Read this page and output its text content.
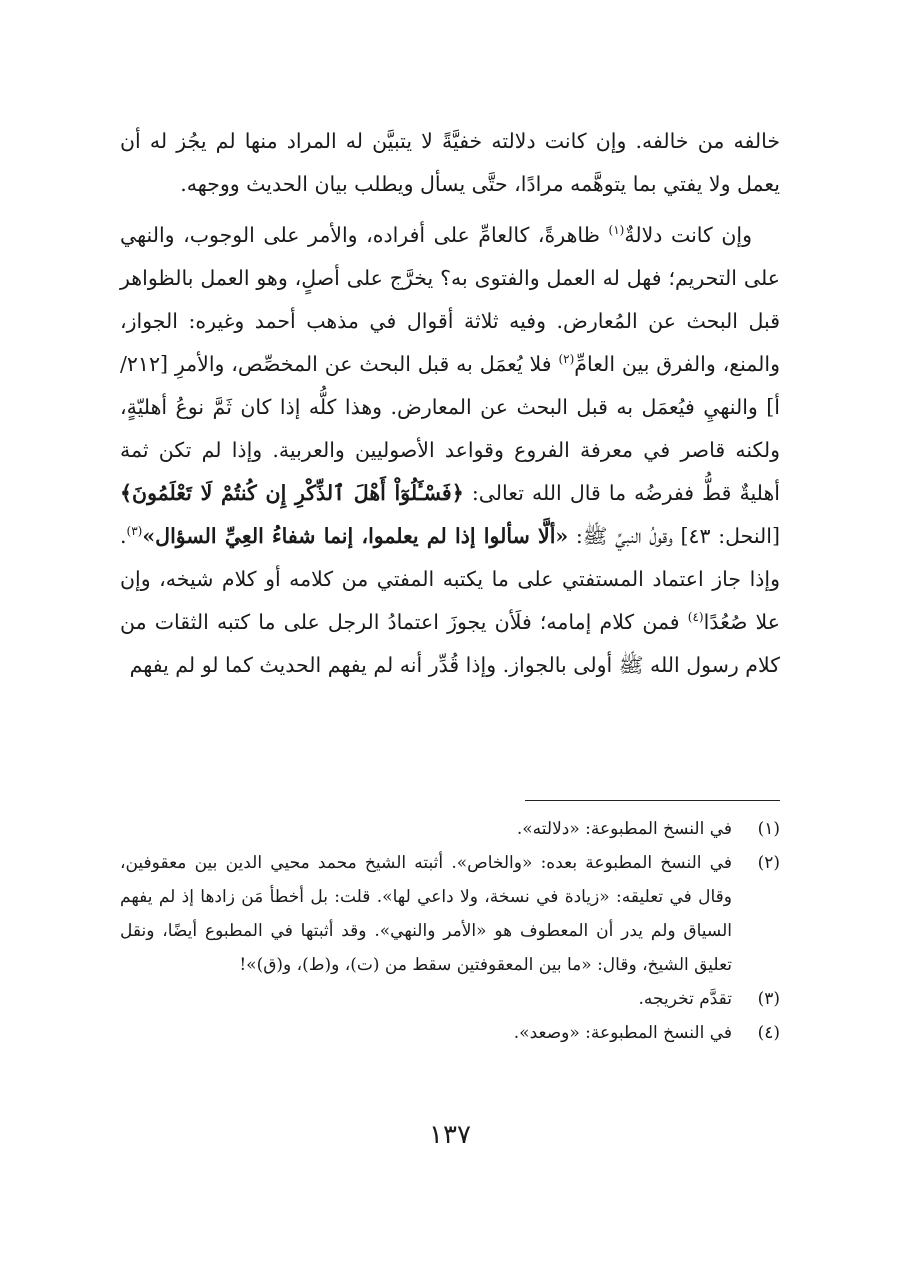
خالفه من خالفه. وإن كانت دلالته خفيَّةً لا يتبيَّن له المراد منها لم يجُز له أن يعمل ولا يفتي بما يتوهَّمه مرادًا، حتَّى يسأل ويطلب بيان الحديث ووجهه.

وإن كانت دلالةٌ$^{(١)}$ ظاهرةً، كالعامِّ على أفراده، والأمر على الوجوب، والنهي على التحريم؛ فهل له العمل والفتوى به؟ يخرَّج على أصلٍ، وهو العمل بالظواهر قبل البحث عن المُعارض. وفيه ثلاثة أقوال في مذهب أحمد وغيره: الجواز، والمنع، والفرق بين العامِّ$^{(٢)}$ فلا يُعمَل به قبل البحث عن المخصِّص، والأمرِ [٢١٢/أ] والنهيِ فيُعمَل به قبل البحث عن المعارض. وهذا كلُّه إذا كان ثَمَّ نوعُ أهليّةٍ، ولكنه قاصر في معرفة الفروع وقواعد الأصوليين والعربية. وإذا لم تكن ثمة أهليةٌ قطُّ ففرضُه ما قال الله تعالى: ﴿فَسْـَٔلُوٓاْ أَهْلَ ٱلذِّكْرِ إِن كُنتُمْ لَا تَعْلَمُونَ﴾ [النحل: ٤٣] وقولُ النبيِّ ﷺ: «ألَّا سألوا إذا لم يعلموا، إنما شفاءُ العِيِّ السؤال»$^{(٣)}$. وإذا جاز اعتماد المستفتي على ما يكتبه المفتي من كلامه أو كلام شيخه، وإن علا صُعُدًا$^{(٤)}$ فمن كلام إمامه؛ فلَأن يجوزَ اعتمادُ الرجل على ما كتبه الثقات من كلام رسول الله ﷺ أولى بالجواز. وإذا قُدِّر أنه لم يفهم الحديث كما لو لم يفهم

(١)
في النسخ المطبوعة: «دلالته».
(٢)
في النسخ المطبوعة بعده: «والخاص». أثبته الشيخ محمد محيي الدين بين معقوفين، وقال في تعليقه: «زيادة في نسخة، ولا داعي لها». قلت: بل أخطأ مَن زادها إذ لم يفهم السياق ولم يدر أن المعطوف هو «الأمر والنهي». وقد أثبتها في المطبوع أيضًا، ونقل تعليق الشيخ، وقال: «ما بين المعقوفتين سقط من (ت)، و(ط)، و(ق)»!
(٣)
تقدَّم تخريجه.
(٤)
في النسخ المطبوعة: «وصعد».
١٣٧
